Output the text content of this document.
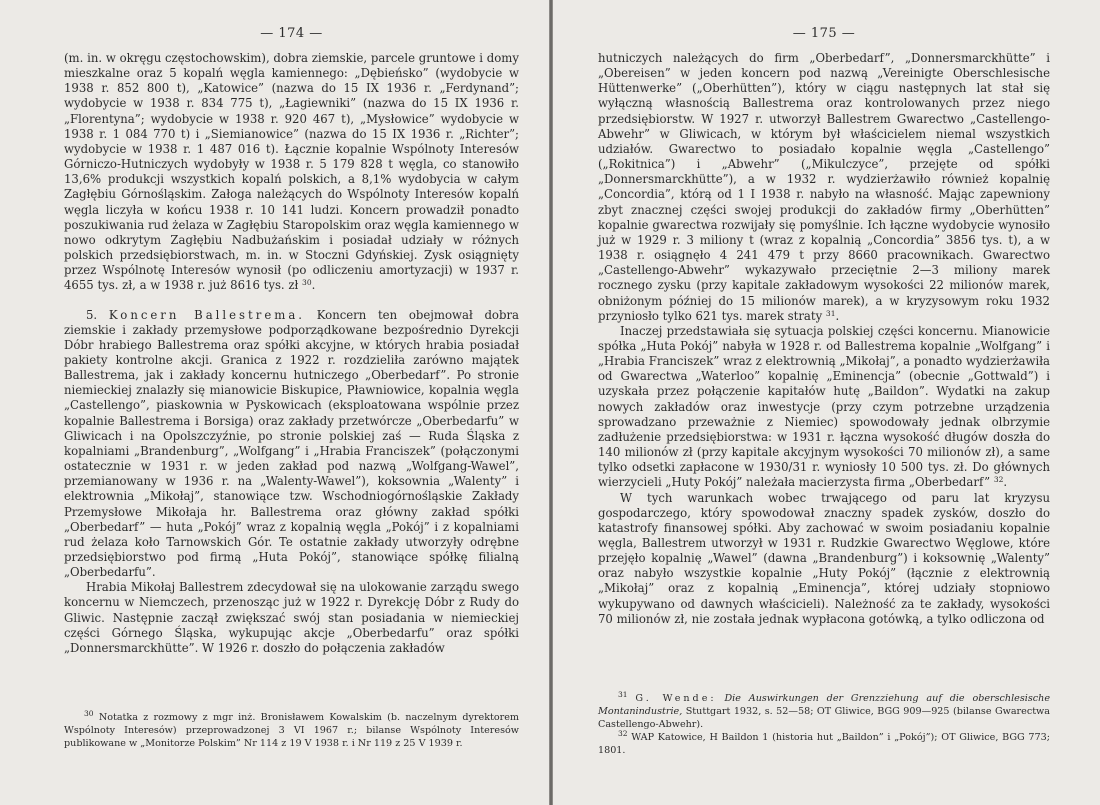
— 174 —

(m. in. w okręgu częstochowskim), dobra ziemskie, parcele gruntowe i domy mieszkalne oraz 5 kopalń węgla kamiennego: „Dębieńsko” (wydobycie w 1938 r. 852 800 t), „Katowice” (nazwa do 15 IX 1936 r. „Ferdynand”; wydobycie w 1938 r. 834 775 t), „Łagiewniki” (nazwa do 15 IX 1936 r. „Florentyna”; wydobycie w 1938 r. 920 467 t), „Mysłowice” wydobycie w 1938 r. 1 084 770 t) i „Siemianowice” (nazwa do 15 IX 1936 r. „Richter”; wydobycie w 1938 r. 1 487 016 t). Łącznie kopalnie Wspólnoty Interesów Górniczo-Hutniczych wydobyły w 1938 r. 5 179 828 t węgla, co stanowiło 13,6% produkcji wszystkich kopalń polskich, a 8,1% wydobycia w całym Zagłębiu Górnośląskim. Załoga należących do Wspólnoty Interesów kopalń węgla liczyła w końcu 1938 r. 10 141 ludzi. Koncern prowadził ponadto poszukiwania rud żelaza w Zagłębiu Staropolskim oraz węgla kamiennego w nowo odkrytym Zagłębiu Nadbużańskim i posiadał udziały w różnych polskich przedsiębiorstwach, m. in. w Stoczni Gdyńskiej. Zysk osiągnięty przez Wspólnotę Interesów wynosił (po odliczeniu amortyzacji) w 1937 r. 4655 tys. zł, a w 1938 r. już 8616 tys. zł $^{30}$.

5. Koncern Ballestrema. Koncern ten obejmował dobra ziemskie i zakłady przemysłowe podporządkowane bezpośrednio Dyrekcji Dóbr hrabiego Ballestrema oraz spółki akcyjne, w których hrabia posiadał pakiety kontrolne akcji. Granica z 1922 r. rozdzieliła zarówno majątek Ballestrema, jak i zakłady koncernu hutniczego „Oberbedarf”. Po stronie niemieckiej znalazły się mianowicie Biskupice, Pławniowice, kopalnia węgla „Castellengo”, piaskownia w Pyskowicach (eksploatowana wspólnie przez kopalnie Ballestrema i Borsiga) oraz zakłady przetwórcze „Oberbedarfu” w Gliwicach i na Opolszczyźnie, po stronie polskiej zaś — Ruda Śląska z kopalniami „Brandenburg”, „Wolfgang” i „Hrabia Franciszek” (połączonymi ostatecznie w 1931 r. w jeden zakład pod nazwą „Wolfgang-Wawel”, przemianowany w 1936 r. na „Walenty-Wawel”), koksownia „Walenty” i elektrownia „Mikołaj”, stanowiące tzw. Wschodniogórnośląskie Zakłady Przemysłowe Mikołaja hr. Ballestrema oraz główny zakład spółki „Oberbedarf” — huta „Pokój” wraz z kopalnią węgla „Pokój” i z kopalniami rud żelaza koło Tarnowskich Gór. Te ostatnie zakłady utworzyły odrębne przedsiębiorstwo pod firmą „Huta Pokój”, stanowiące spółkę filialną „Oberbedarfu”.

Hrabia Mikołaj Ballestrem zdecydował się na ulokowanie zarządu swego koncernu w Niemczech, przenosząc już w 1922 r. Dyrekcję Dóbr z Rudy do Gliwic. Następnie zaczął zwiększać swój stan posiadania w niemieckiej części Górnego Śląska, wykupując akcje „Oberbedarfu” oraz spółki „Donnersmarckhütte”. W 1926 r. doszło do połączenia zakładów

$^{30}$ Notatka z rozmowy z mgr inż. Bronisławem Kowalskim (b. naczelnym dyrektorem Wspólnoty Interesów) przeprowadzonej 3 VI 1967 r.; bilanse Wspólnoty Interesów publikowane w „Monitorze Polskim” Nr 114 z 19 V 1938 r. i Nr 119 z 25 V 1939 r.

— 175 —

hutniczych należących do firm „Oberbedarf”, „Donnersmarckhütte” i „Obereisen” w jeden koncern pod nazwą „Vereinigte Oberschlesische Hüttenwerke” („Oberhütten”), który w ciągu następnych lat stał się wyłączną własnością Ballestrema oraz kontrolowanych przez niego przedsiębiorstw. W 1927 r. utworzył Ballestrem Gwarectwo „Castellengo-Abwehr” w Gliwicach, w którym był właścicielem niemal wszystkich udziałów. Gwarectwo to posiadało kopalnie węgla „Castellengo” („Rokitnica”) i „Abwehr” („Mikulczyce”, przejęte od spółki „Donnersmarckhütte”), a w 1932 r. wydzierżawiło również kopalnię „Concordia”, którą od 1 I 1938 r. nabyło na własność. Mając zapewniony zbyt znacznej części swojej produkcji do zakładów firmy „Oberhütten” kopalnie gwarectwa rozwijały się pomyślnie. Ich łączne wydobycie wynosiło już w 1929 r. 3 miliony t (wraz z kopalnią „Concordia” 3856 tys. t), a w 1938 r. osiągnęło 4 241 479 t przy 8660 pracownikach. Gwarectwo „Castellengo-Abwehr” wykazywało przeciętnie 2—3 miliony marek rocznego zysku (przy kapitale zakładowym wysokości 22 milionów marek, obniżonym później do 15 milionów marek), a w kryzysowym roku 1932 przyniosło tylko 621 tys. marek straty $^{31}$.

Inaczej przedstawiała się sytuacja polskiej części koncernu. Mianowicie spółka „Huta Pokój” nabyła w 1928 r. od Ballestrema kopalnie „Wolfgang” i „Hrabia Franciszek” wraz z elektrownią „Mikołaj”, a ponadto wydzierżawiła od Gwarectwa „Waterloo” kopalnię „Eminencja” (obecnie „Gottwald”) i uzyskała przez połączenie kapitałów hutę „Baildon”. Wydatki na zakup nowych zakładów oraz inwestycje (przy czym potrzebne urządzenia sprowadzano przeważnie z Niemiec) spowodowały jednak olbrzymie zadłużenie przedsiębiorstwa: w 1931 r. łączna wysokość długów doszła do 140 milionów zł (przy kapitale akcyjnym wysokości 70 milionów zł), a same tylko odsetki zapłacone w 1930/31 r. wyniosły 10 500 tys. zł. Do głównych wierzycieli „Huty Pokój” należała macierzysta firma „Oberbedarf” $^{32}$.

W tych warunkach wobec trwającego od paru lat kryzysu gospodarczego, który spowodował znaczny spadek zysków, doszło do katastrofy finansowej spółki. Aby zachować w swoim posiadaniu kopalnie węgla, Ballestrem utworzył w 1931 r. Rudzkie Gwarectwo Węglowe, które przejęło kopalnię „Wawel” (dawna „Brandenburg”) i koksownię „Walenty” oraz nabyło wszystkie kopalnie „Huty Pokój” (łącznie z elektrownią „Mikołaj” oraz z kopalnią „Eminencja”, której udziały stopniowo wykupywano od dawnych właścicieli). Należność za te zakłady, wysokości 70 milionów zł, nie została jednak wypłacona gotówką, a tylko odliczona od

$^{31}$ G. Wende: Die Auswirkungen der Grenzziehung auf die oberschlesische Montanindustrie, Stuttgart 1932, s. 52—58; OT Gliwice, BGG 909—925 (bilanse Gwarectwa Castellengo-Abwehr).

$^{32}$ WAP Katowice, H Baildon 1 (historia hut „Baildon” i „Pokój”); OT Gliwice, BGG 773; 1801.
